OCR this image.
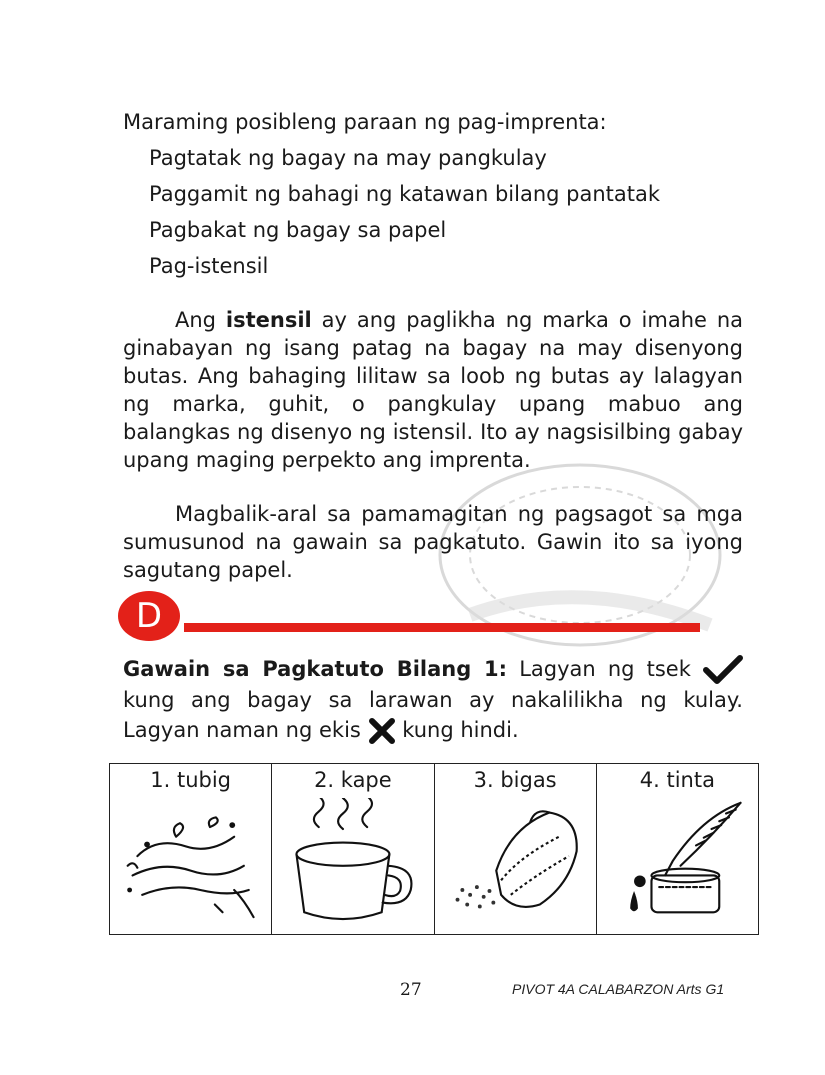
Maraming posibleng paraan ng pag-imprenta:

Pagtatak ng bagay na may pangkulay
Paggamit ng bahagi ng katawan bilang pantatak
Pagbakat ng bagay sa papel
Pag-istensil

Ang istensil ay ang paglikha ng marka o imahe na ginabayan ng isang patag na bagay na may disenyong butas. Ang bahaging lilitaw sa loob ng butas ay lalagyan ng marka, guhit, o pangkulay upang mabuo ang balangkas ng disenyo ng istensil. Ito ay nagsisilbing gabay upang maging perpekto ang imprenta.

Magbalik-aral sa pamamagitan ng pagsagot sa mga sumusunod na gawain sa pagkatuto. Gawin ito sa iyong sagutang papel.

D

Gawain sa Pagkatuto Bilang 1: Lagyan ng tsek  kung ang bagay sa larawan ay nakalilikha ng kulay. Lagyan naman ng ekis  kung hindi.

1. tubig	2. kape	3. bigas	4. tinta
27	PIVOT 4A CALABARZON Arts G1
